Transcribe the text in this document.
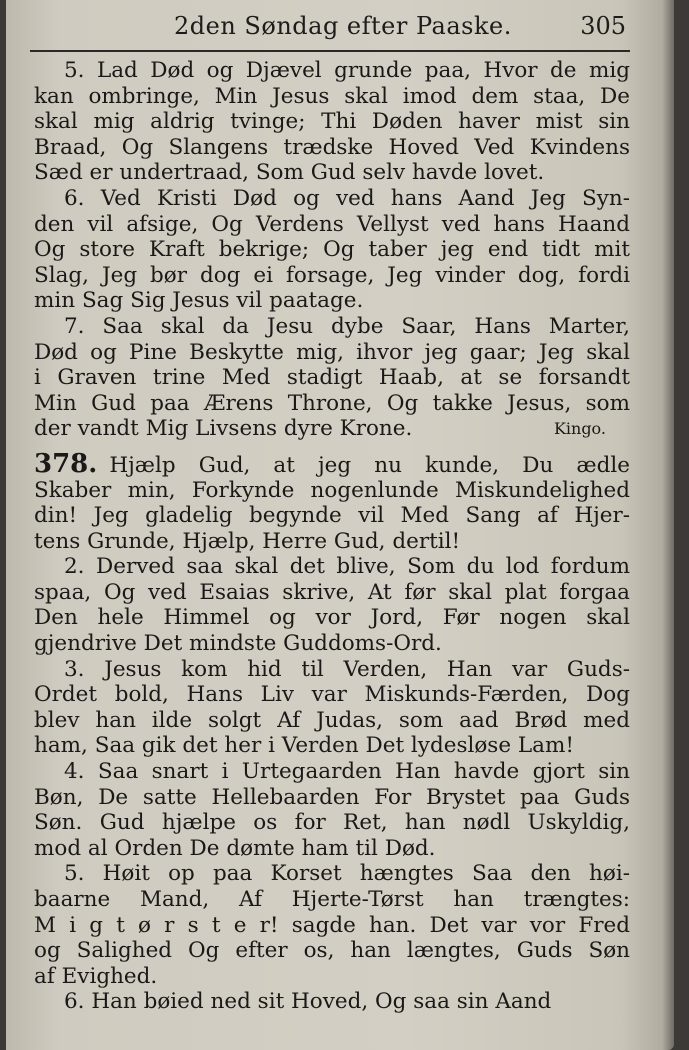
2den Søndag efter Paaske.	305
5. Lad Død og Djævel grunde paa, Hvor de mig
kan ombringe, Min Jesus skal imod dem staa, De
skal mig aldrig tvinge; Thi Døden haver mist sin
Braad, Og Slangens trædske Hoved Ved Kvindens
Sæd er undertraad, Som Gud selv havde lovet.
6. Ved Kristi Død og ved hans Aand Jeg Syn-
den vil afsige, Og Verdens Vellyst ved hans Haand
Og store Kraft bekrige; Og taber jeg end tidt mit
Slag, Jeg bør dog ei forsage, Jeg vinder dog, fordi
min Sag Sig Jesus vil paatage.
7. Saa skal da Jesu dybe Saar, Hans Marter,
Død og Pine Beskytte mig, ihvor jeg gaar; Jeg skal
i Graven trine Med stadigt Haab, at se forsandt
Min Gud paa Ærens Throne, Og takke Jesus, som
der vandt Mig Livsens dyre Krone.	Kingo.
378. Hjælp Gud, at jeg nu kunde, Du ædle
Skaber min, Forkynde nogenlunde Miskundelighed
din! Jeg gladelig begynde vil Med Sang af Hjer-
tens Grunde, Hjælp, Herre Gud, dertil!
2. Derved saa skal det blive, Som du lod fordum
spaa, Og ved Esaias skrive, At før skal plat forgaa
Den hele Himmel og vor Jord, Før nogen skal
gjendrive Det mindste Guddoms-Ord.
3. Jesus kom hid til Verden, Han var Guds-
Ordet bold, Hans Liv var Miskunds-Færden, Dog
blev han ilde solgt Af Judas, som aad Brød med
ham, Saa gik det her i Verden Det lydesløse Lam!
4. Saa snart i Urtegaarden Han havde gjort sin
Bøn, De satte Hellebaarden For Brystet paa Guds
Søn. Gud hjælpe os for Ret, han nødl Uskyldig,
mod al Orden De dømte ham til Død.
5. Høit op paa Korset hængtes Saa den høi-
baarne Mand, Af Hjerte-Tørst han trængtes:
M i g t ø r s t e r! sagde han. Det var vor Fred
og Salighed Og efter os, han længtes, Guds Søn
af Evighed.
6. Han bøied ned sit Hoved, Og saa sin Aand
